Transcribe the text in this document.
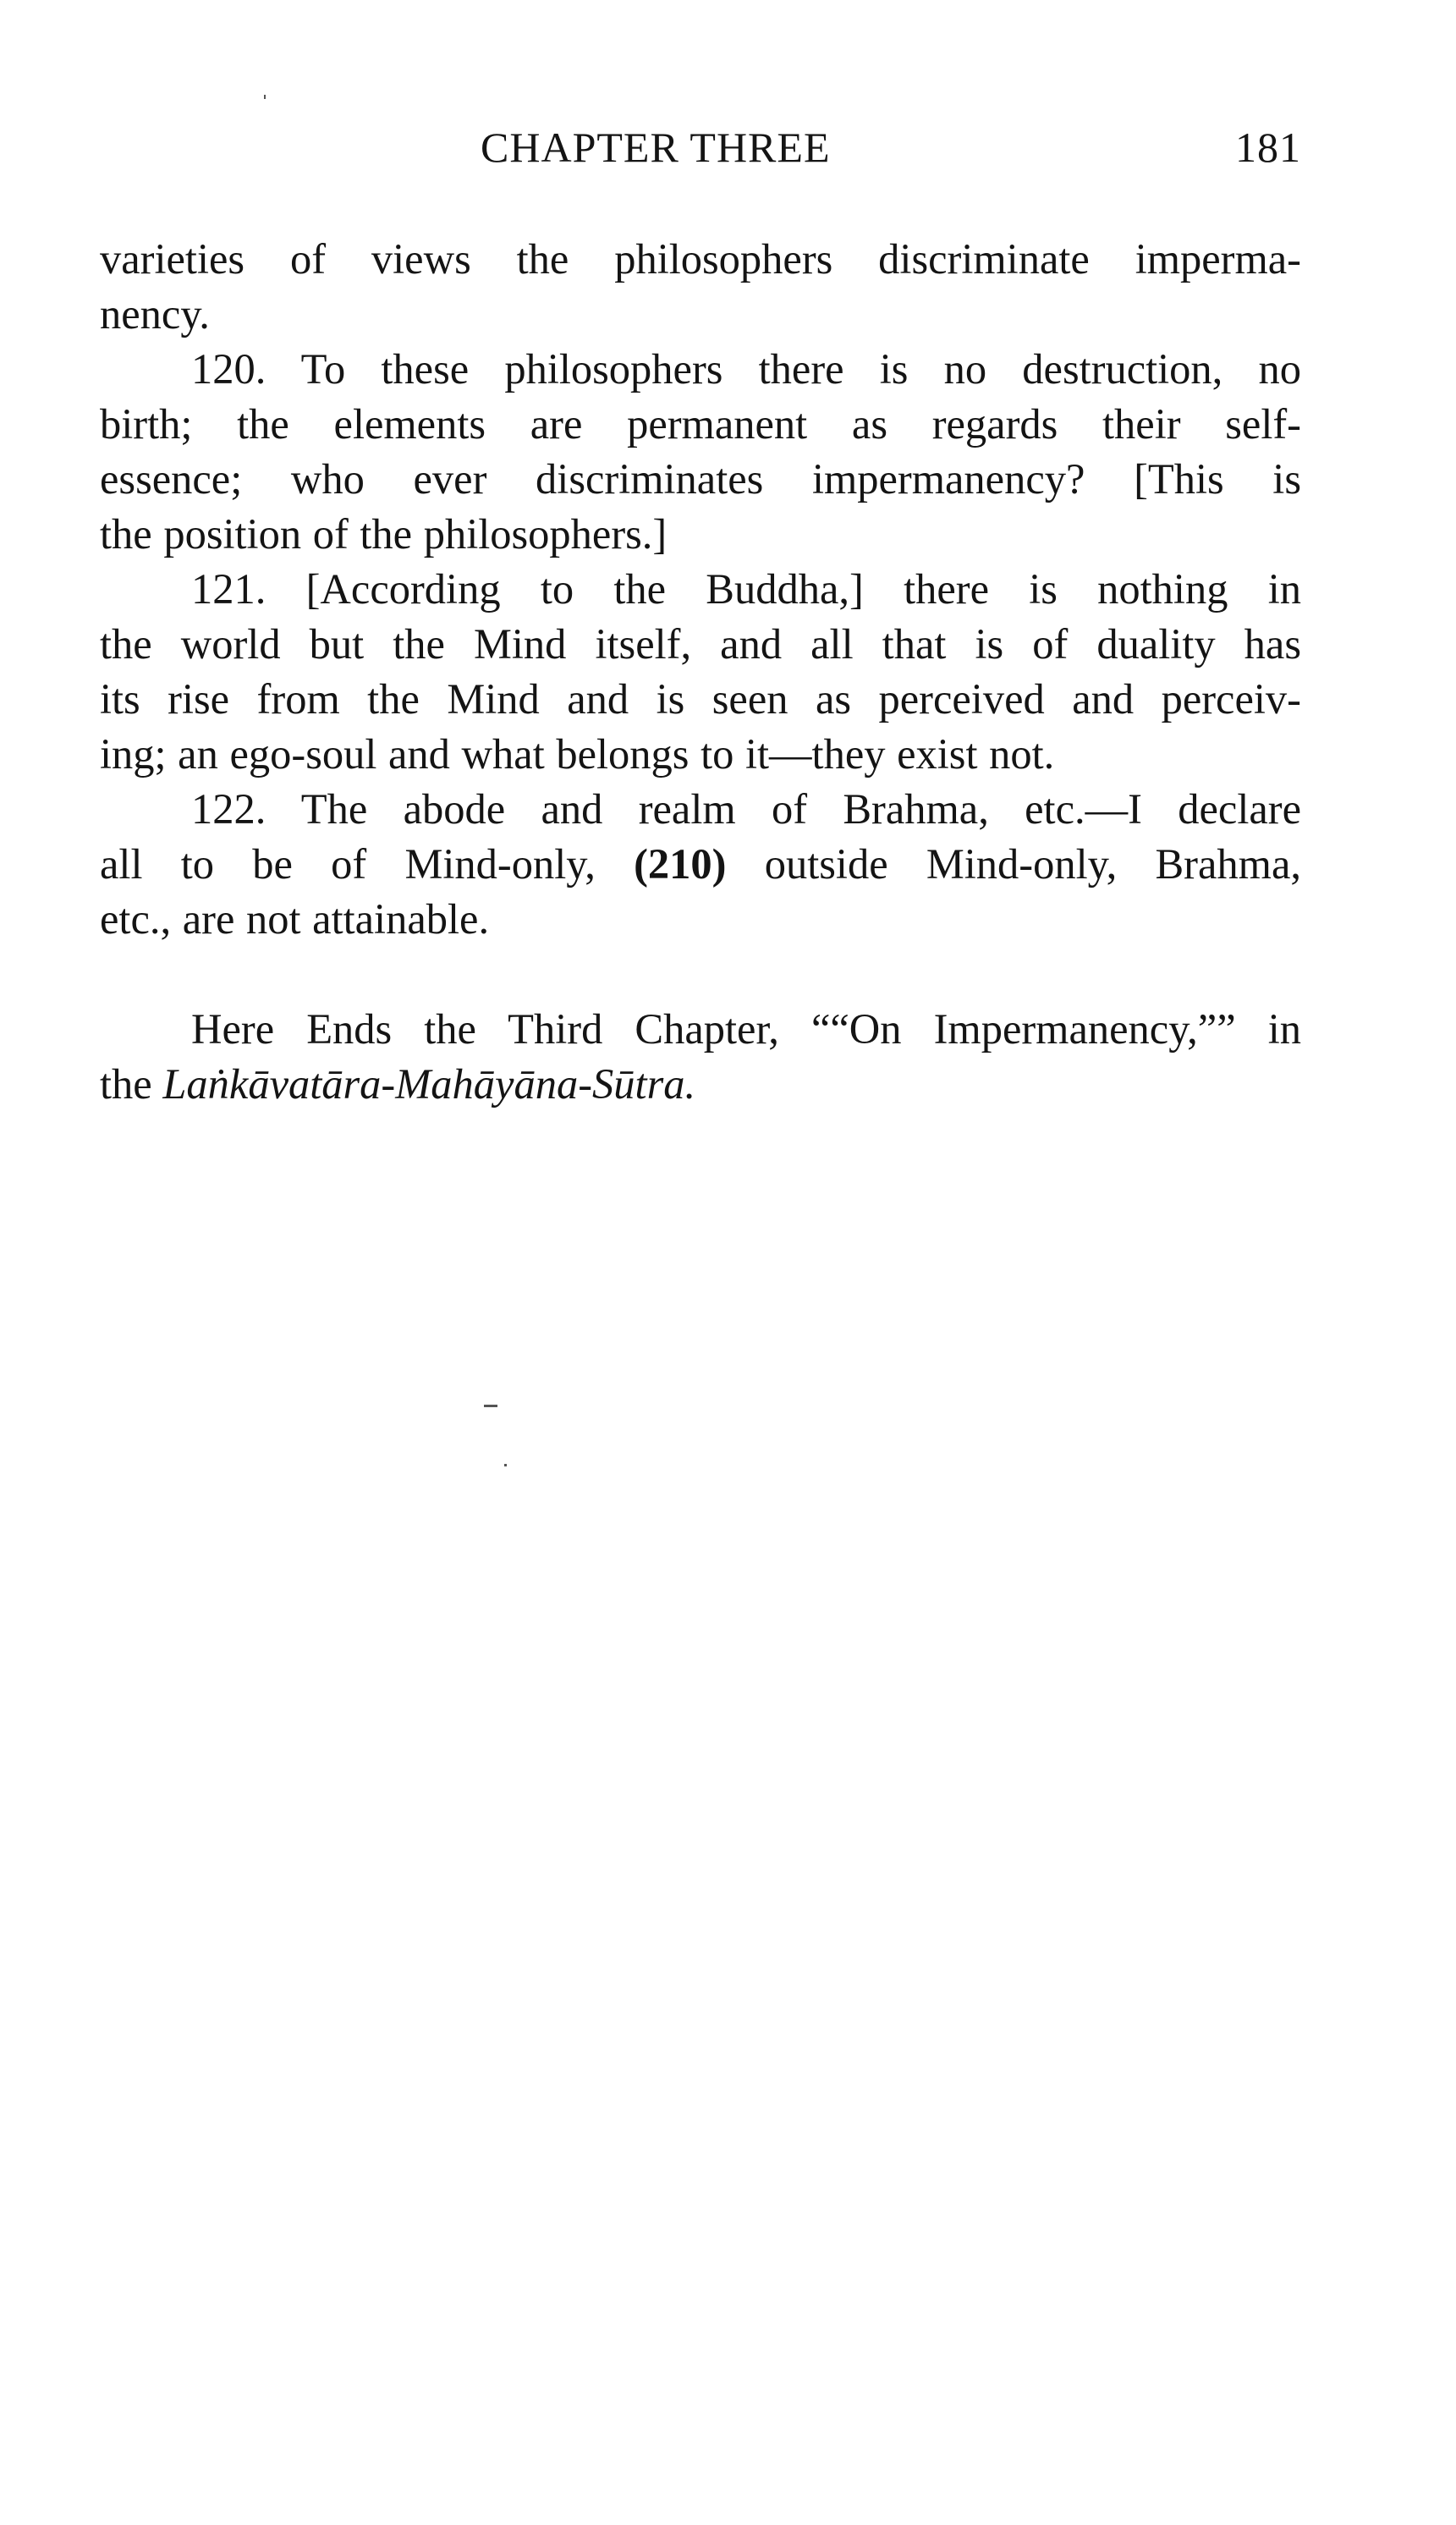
CHAPTER THREE	181
varieties of views the philosophers discriminate imperma-
nency.
120. To these philosophers there is no destruction, no
birth; the elements are permanent as regards their self-
essence; who ever discriminates impermanency? [This is
the position of the philosophers.]
121. [According to the Buddha,] there is nothing in
the world but the Mind itself, and all that is of duality has
its rise from the Mind and is seen as perceived and perceiv-
ing; an ego-soul and what belongs to it—they exist not.
122. The abode and realm of Brahma, etc.—I declare
all to be of Mind-only, (210) outside Mind-only, Brahma,
etc., are not attainable.
Here Ends the Third Chapter, ““On Impermanency,”” in
the Laṅkāvatāra-Mahāyāna-Sūtra.
